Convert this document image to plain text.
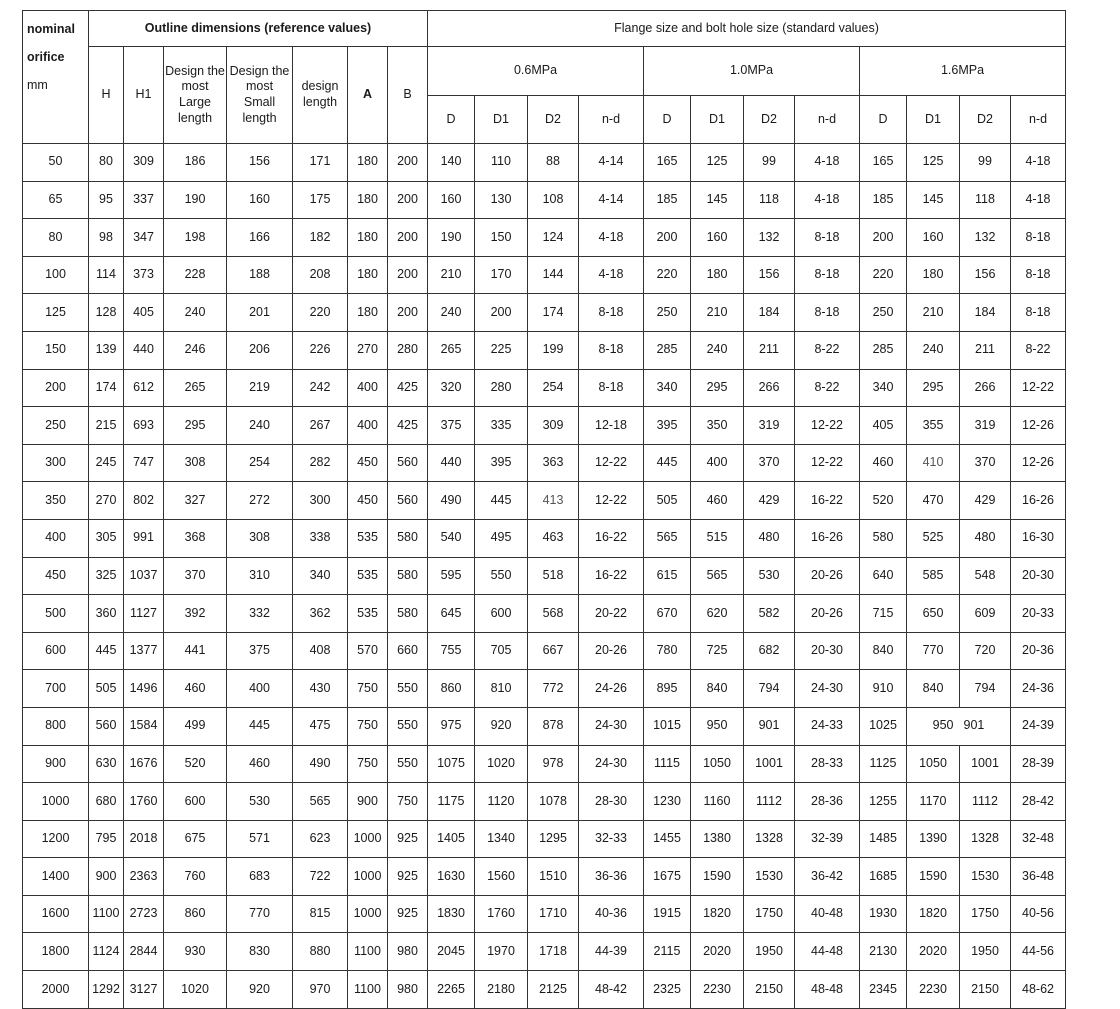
nominal
orifice
mm	Outline dimensions (reference values)							Flange size and bolt hole size (standard values)											
	H	H1	Design the
most
Large
length	Design the
most
Small
length	design
length	A	B	0.6MPa				1.0MPa				1.6MPa			
								D	D1	D2	n-d	D	D1	D2	n-d	D	D1	D2	n-d
50	80	309	186	156	171	180	200	140	110	88	4-14	165	125	99	4-18	165	125	99	4-18
65	95	337	190	160	175	180	200	160	130	108	4-14	185	145	118	4-18	185	145	118	4-18
80	98	347	198	166	182	180	200	190	150	124	4-18	200	160	132	8-18	200	160	132	8-18
100	114	373	228	188	208	180	200	210	170	144	4-18	220	180	156	8-18	220	180	156	8-18
125	128	405	240	201	220	180	200	240	200	174	8-18	250	210	184	8-18	250	210	184	8-18
150	139	440	246	206	226	270	280	265	225	199	8-18	285	240	211	8-22	285	240	211	8-22
200	174	612	265	219	242	400	425	320	280	254	8-18	340	295	266	8-22	340	295	266	12-22
250	215	693	295	240	267	400	425	375	335	309	12-18	395	350	319	12-22	405	355	319	12-26
300	245	747	308	254	282	450	560	440	395	363	12-22	445	400	370	12-22	460	410	370	12-26
350	270	802	327	272	300	450	560	490	445	413	12-22	505	460	429	16-22	520	470	429	16-26
400	305	991	368	308	338	535	580	540	495	463	16-22	565	515	480	16-26	580	525	480	16-30
450	325	1037	370	310	340	535	580	595	550	518	16-22	615	565	530	20-26	640	585	548	20-30
500	360	1127	392	332	362	535	580	645	600	568	20-22	670	620	582	20-26	715	650	609	20-33
600	445	1377	441	375	408	570	660	755	705	667	20-26	780	725	682	20-30	840	770	720	20-36
700	505	1496	460	400	430	750	550	860	810	772	24-26	895	840	794	24-30	910	840	794	24-36
800	560	1584	499	445	475	750	550	975	920	878	24-30	1015	950	901	24-33	1025	950 901		24-39
900	630	1676	520	460	490	750	550	1075	1020	978	24-30	1115	1050	1001	28-33	1125	1050	1001	28-39
1000	680	1760	600	530	565	900	750	1175	1120	1078	28-30	1230	1160	1112	28-36	1255	1170	1112	28-42
1200	795	2018	675	571	623	1000	925	1405	1340	1295	32-33	1455	1380	1328	32-39	1485	1390	1328	32-48
1400	900	2363	760	683	722	1000	925	1630	1560	1510	36-36	1675	1590	1530	36-42	1685	1590	1530	36-48
1600	1100	2723	860	770	815	1000	925	1830	1760	1710	40-36	1915	1820	1750	40-48	1930	1820	1750	40-56
1800	1124	2844	930	830	880	1100	980	2045	1970	1718	44-39	2115	2020	1950	44-48	2130	2020	1950	44-56
2000	1292	3127	1020	920	970	1100	980	2265	2180	2125	48-42	2325	2230	2150	48-48	2345	2230	2150	48-62
